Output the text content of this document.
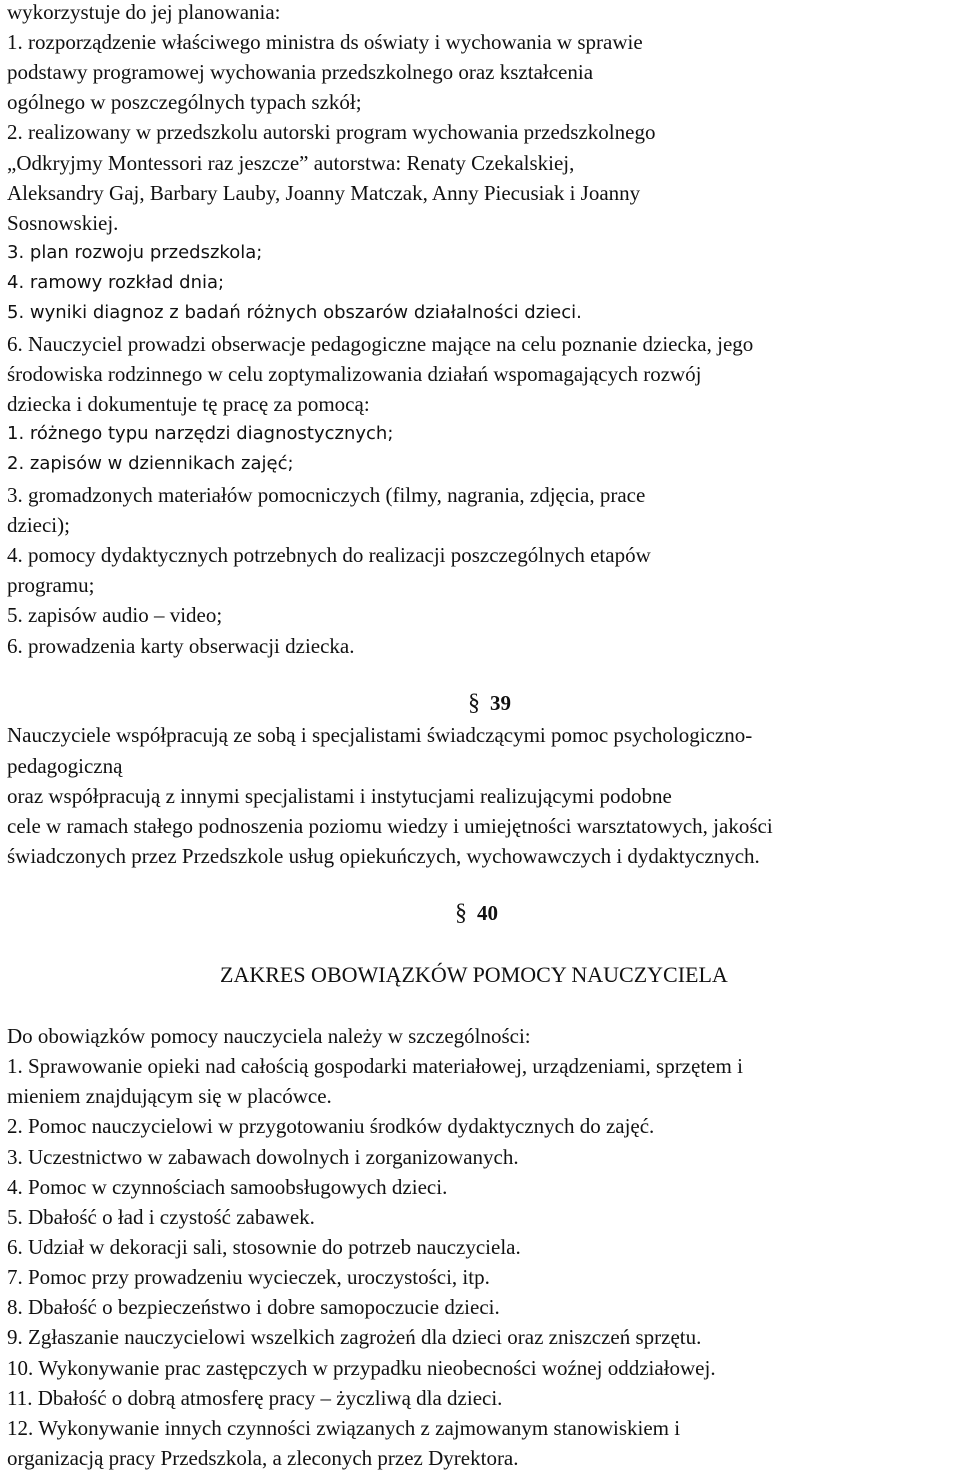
wykorzystuje do jej planowania:
1. rozporządzenie właściwego ministra ds oświaty i wychowania w sprawie
podstawy programowej wychowania przedszkolnego oraz kształcenia
ogólnego w poszczególnych typach szkół;
2. realizowany w przedszkolu autorski program wychowania przedszkolnego
„Odkryjmy Montessori raz jeszcze” autorstwa: Renaty Czekalskiej,
Aleksandry Gaj, Barbary Lauby, Joanny Matczak, Anny Piecusiak i Joanny
Sosnowskiej.
3. plan rozwoju przedszkola;
4. ramowy rozkład dnia;
5. wyniki diagnoz z badań różnych obszarów działalności dzieci.
6. Nauczyciel prowadzi obserwacje pedagogiczne mające na celu poznanie dziecka, jego
środowiska rodzinnego w celu zoptymalizowania działań wspomagających rozwój
dziecka i dokumentuje tę pracę za pomocą:
1. różnego typu narzędzi diagnostycznych;
2. zapisów w dziennikach zajęć;
3. gromadzonych materiałów pomocniczych (filmy, nagrania, zdjęcia, prace
dzieci);
4. pomocy dydaktycznych potrzebnych do realizacji poszczególnych etapów
programu;
5. zapisów audio – video;
6. prowadzenia karty obserwacji dziecka.
§ 39
Nauczyciele współpracują ze sobą i specjalistami świadczącymi pomoc psychologiczno-
pedagogiczną
oraz współpracują z innymi specjalistami i instytucjami realizującymi podobne
cele w ramach stałego podnoszenia poziomu wiedzy i umiejętności warsztatowych, jakości
świadczonych przez Przedszkole usług opiekuńczych, wychowawczych i dydaktycznych.
§ 40
ZAKRES OBOWIĄZKÓW POMOCY NAUCZYCIELA
Do obowiązków pomocy nauczyciela należy w szczególności:
1. Sprawowanie opieki nad całością gospodarki materiałowej, urządzeniami, sprzętem i
mieniem znajdującym się w placówce.
2. Pomoc nauczycielowi w przygotowaniu środków dydaktycznych do zajęć.
3. Uczestnictwo w zabawach dowolnych i zorganizowanych.
4. Pomoc w czynnościach samoobsługowych dzieci.
5. Dbałość o ład i czystość zabawek.
6. Udział w dekoracji sali, stosownie do potrzeb nauczyciela.
7. Pomoc przy prowadzeniu wycieczek, uroczystości, itp.
8. Dbałość o bezpieczeństwo i dobre samopoczucie dzieci.
9. Zgłaszanie nauczycielowi wszelkich zagrożeń dla dzieci oraz zniszczeń sprzętu.
10. Wykonywanie prac zastępczych w przypadku nieobecności woźnej oddziałowej.
11. Dbałość o dobrą atmosferę pracy – życzliwą dla dzieci.
12. Wykonywanie innych czynności związanych z zajmowanym stanowiskiem i
organizacją pracy Przedszkola, a zleconych przez Dyrektora.
